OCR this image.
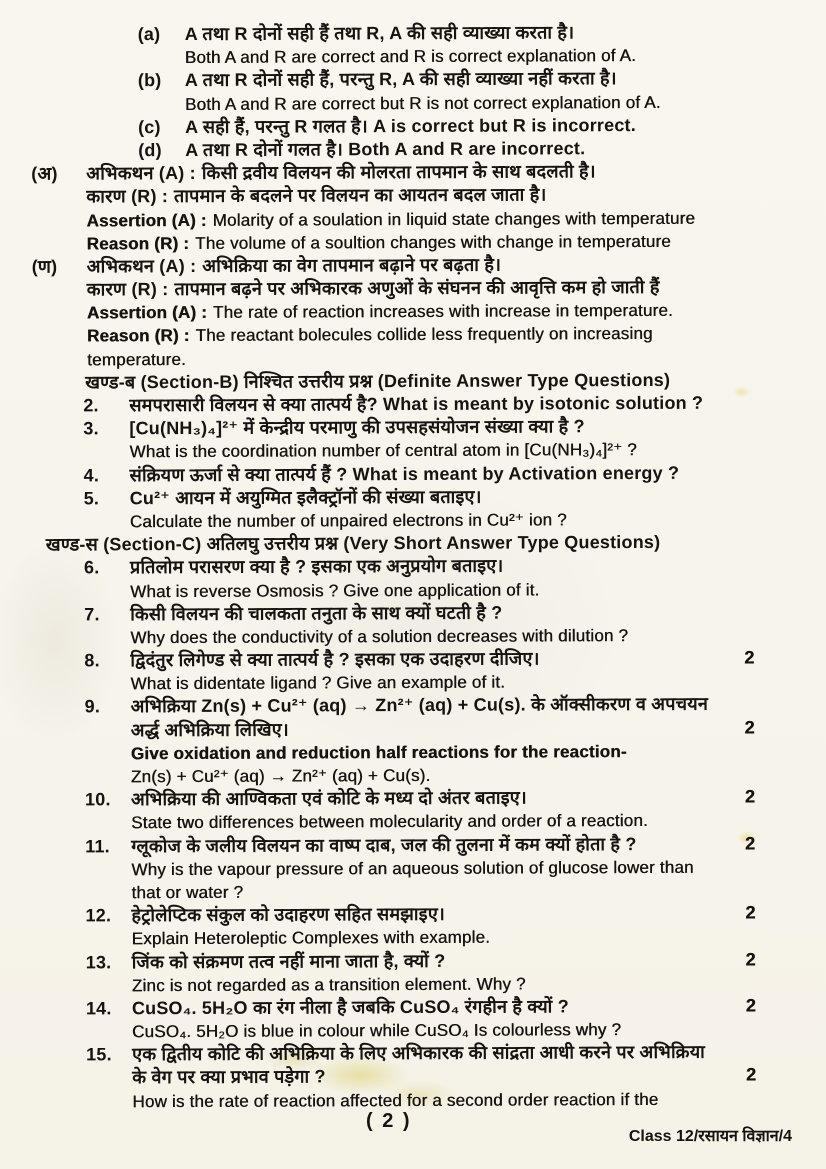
(a) A तथा R दोनों सही हैं तथा R, A की सही व्याख्या करता है।
Both A and R are correct and R is correct explanation of A.
(b) A तथा R दोनों सही हैं, परन्तु R, A की सही व्याख्या नहीं करता है।
Both A and R are correct but R is not correct explanation of A.
(c) A सही हैं, परन्तु R गलत है। A is correct but R is incorrect.
(d) A तथा R दोनों गलत है। Both A and R are incorrect.
(अ) अभिकथन (A) : किसी द्रवीय विलयन की मोलरता तापमान के साथ बदलती है।
कारण (R) : तापमान के बदलने पर विलयन का आयतन बदल जाता है।
Assertion (A) : Molarity of a soulation in liquid state changes with temperature
Reason (R) : The volume of a soultion changes with change in temperature
(ण) अभिकथन (A) : अभिक्रिया का वेग तापमान बढ़ाने पर बढ़ता है।
कारण (R) : तापमान बढ़ने पर अभिकारक अणुओं के संघनन की आवृत्ति कम हो जाती हैं
Assertion (A) : The rate of reaction increases with increase in temperature.
Reason (R) : The reactant bolecules collide less frequently on increasing
temperature.
खण्ड-ब (Section-B) निश्चित उत्तरीय प्रश्न (Definite Answer Type Questions)
2. समपरासारी विलयन से क्या तात्पर्य है? What is meant by isotonic solution ?
3. [Cu(NH₃)₄]²⁺ में केन्द्रीय परमाणु की उपसहसंयोजन संख्या क्या है ?
What is the coordination number of central atom in [Cu(NH₃)₄]²⁺ ?
4. संक्रियण ऊर्जा से क्या तात्पर्य हैं ? What is meant by Activation energy ?
5. Cu²⁺ आयन में अयुग्मित इलैक्ट्रॉनों की संख्या बताइए।
Calculate the number of unpaired electrons in Cu²⁺ ion ?
खण्ड-स (Section-C) अतिलघु उत्तरीय प्रश्न (Very Short Answer Type Questions)
6. प्रतिलोम परासरण क्या है ? इसका एक अनुप्रयोग बताइए।
What is reverse Osmosis ? Give one application of it.
7. किसी विलयन की चालकता तनुता के साथ क्यों घटती है ?
Why does the conductivity of a solution decreases with dilution ?
8. द्विदंतुर लिगेण्ड से क्या तात्पर्य है ? इसका एक उदाहरण दीजिए।	2
What is didentate ligand ? Give an example of it.
9. अभिक्रिया Zn(s) + Cu²⁺ (aq) → Zn²⁺ (aq) + Cu(s). के ऑक्सीकरण व अपचयन
अर्द्ध अभिक्रिया लिखिए।	2
Give oxidation and reduction half reactions for the reaction-
Zn(s) + Cu²⁺ (aq) → Zn²⁺ (aq) + Cu(s).
10. अभिक्रिया की आण्विकता एवं कोटि के मध्य दो अंतर बताइए।	2
State two differences between molecularity and order of a reaction.
11. ग्लूकोज के जलीय विलयन का वाष्प दाब, जल की तुलना में कम क्यों होता है ?	2
Why is the vapour pressure of an aqueous solution of glucose lower than
that or water ?
12. हेट्रोलेप्टिक संकुल को उदाहरण सहित समझाइए।	2
Explain Heteroleptic Complexes with example.
13. जिंक को संक्रमण तत्व नहीं माना जाता है, क्यों ?	2
Zinc is not regarded as a transition element. Why ?
14. CuSO₄. 5H₂O का रंग नीला है जबकि CuSO₄ रंगहीन है क्यों ?	2
CuSO₄. 5H₂O is blue in colour while CuSO₄ Is colourless why ?
15. एक द्वितीय कोटि की अभिक्रिया के लिए अभिकारक की सांद्रता आधी करने पर अभिक्रिया
के वेग पर क्या प्रभाव पड़ेगा ?	2
How is the rate of reaction affected for a second order reaction if the
( 2 )
Class 12/रसायन विज्ञान/4
